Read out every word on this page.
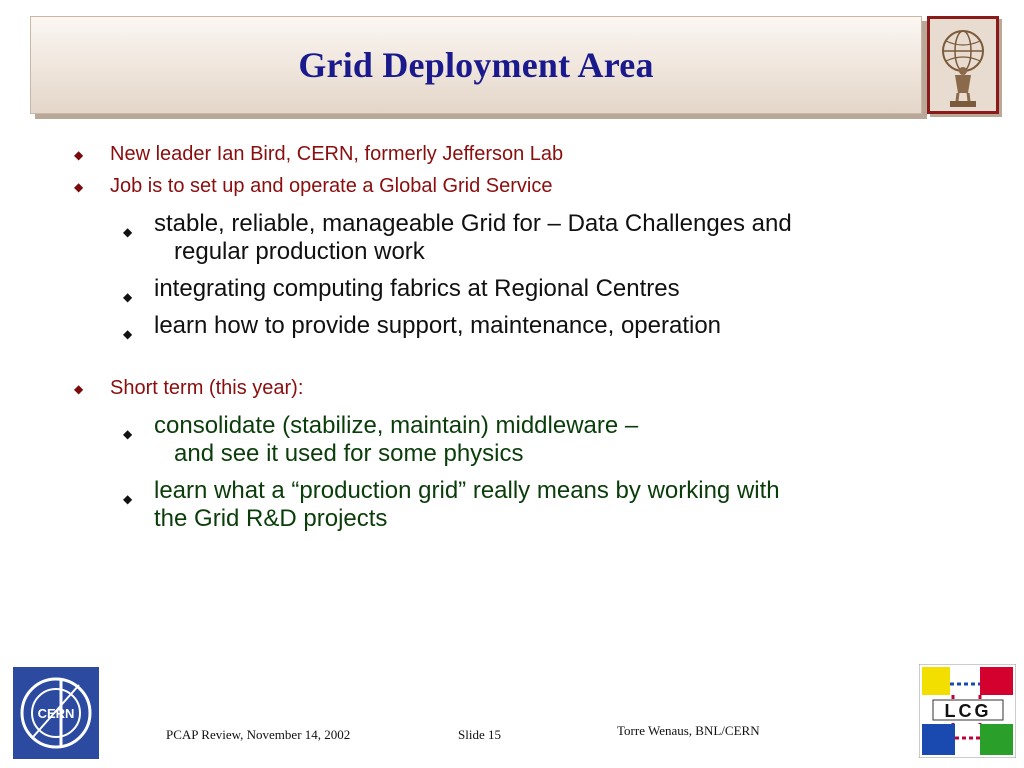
Grid Deployment Area
◆ New leader Ian Bird, CERN, formerly Jefferson Lab
◆ Job is to set up and operate a Global Grid Service
◆ stable, reliable, manageable Grid for – Data Challenges and
regular production work
◆ integrating computing fabrics at Regional Centres
◆ learn how to provide support, maintenance, operation
◆ Short term (this year):
◆ consolidate (stabilize, maintain) middleware –
and see it used for some physics
◆ learn what a “production grid” really means by working with
the Grid R&D projects
CERN
PCAP Review, November 14, 2002	Slide 15	Torre Wenaus, BNL/CERN
LCG
